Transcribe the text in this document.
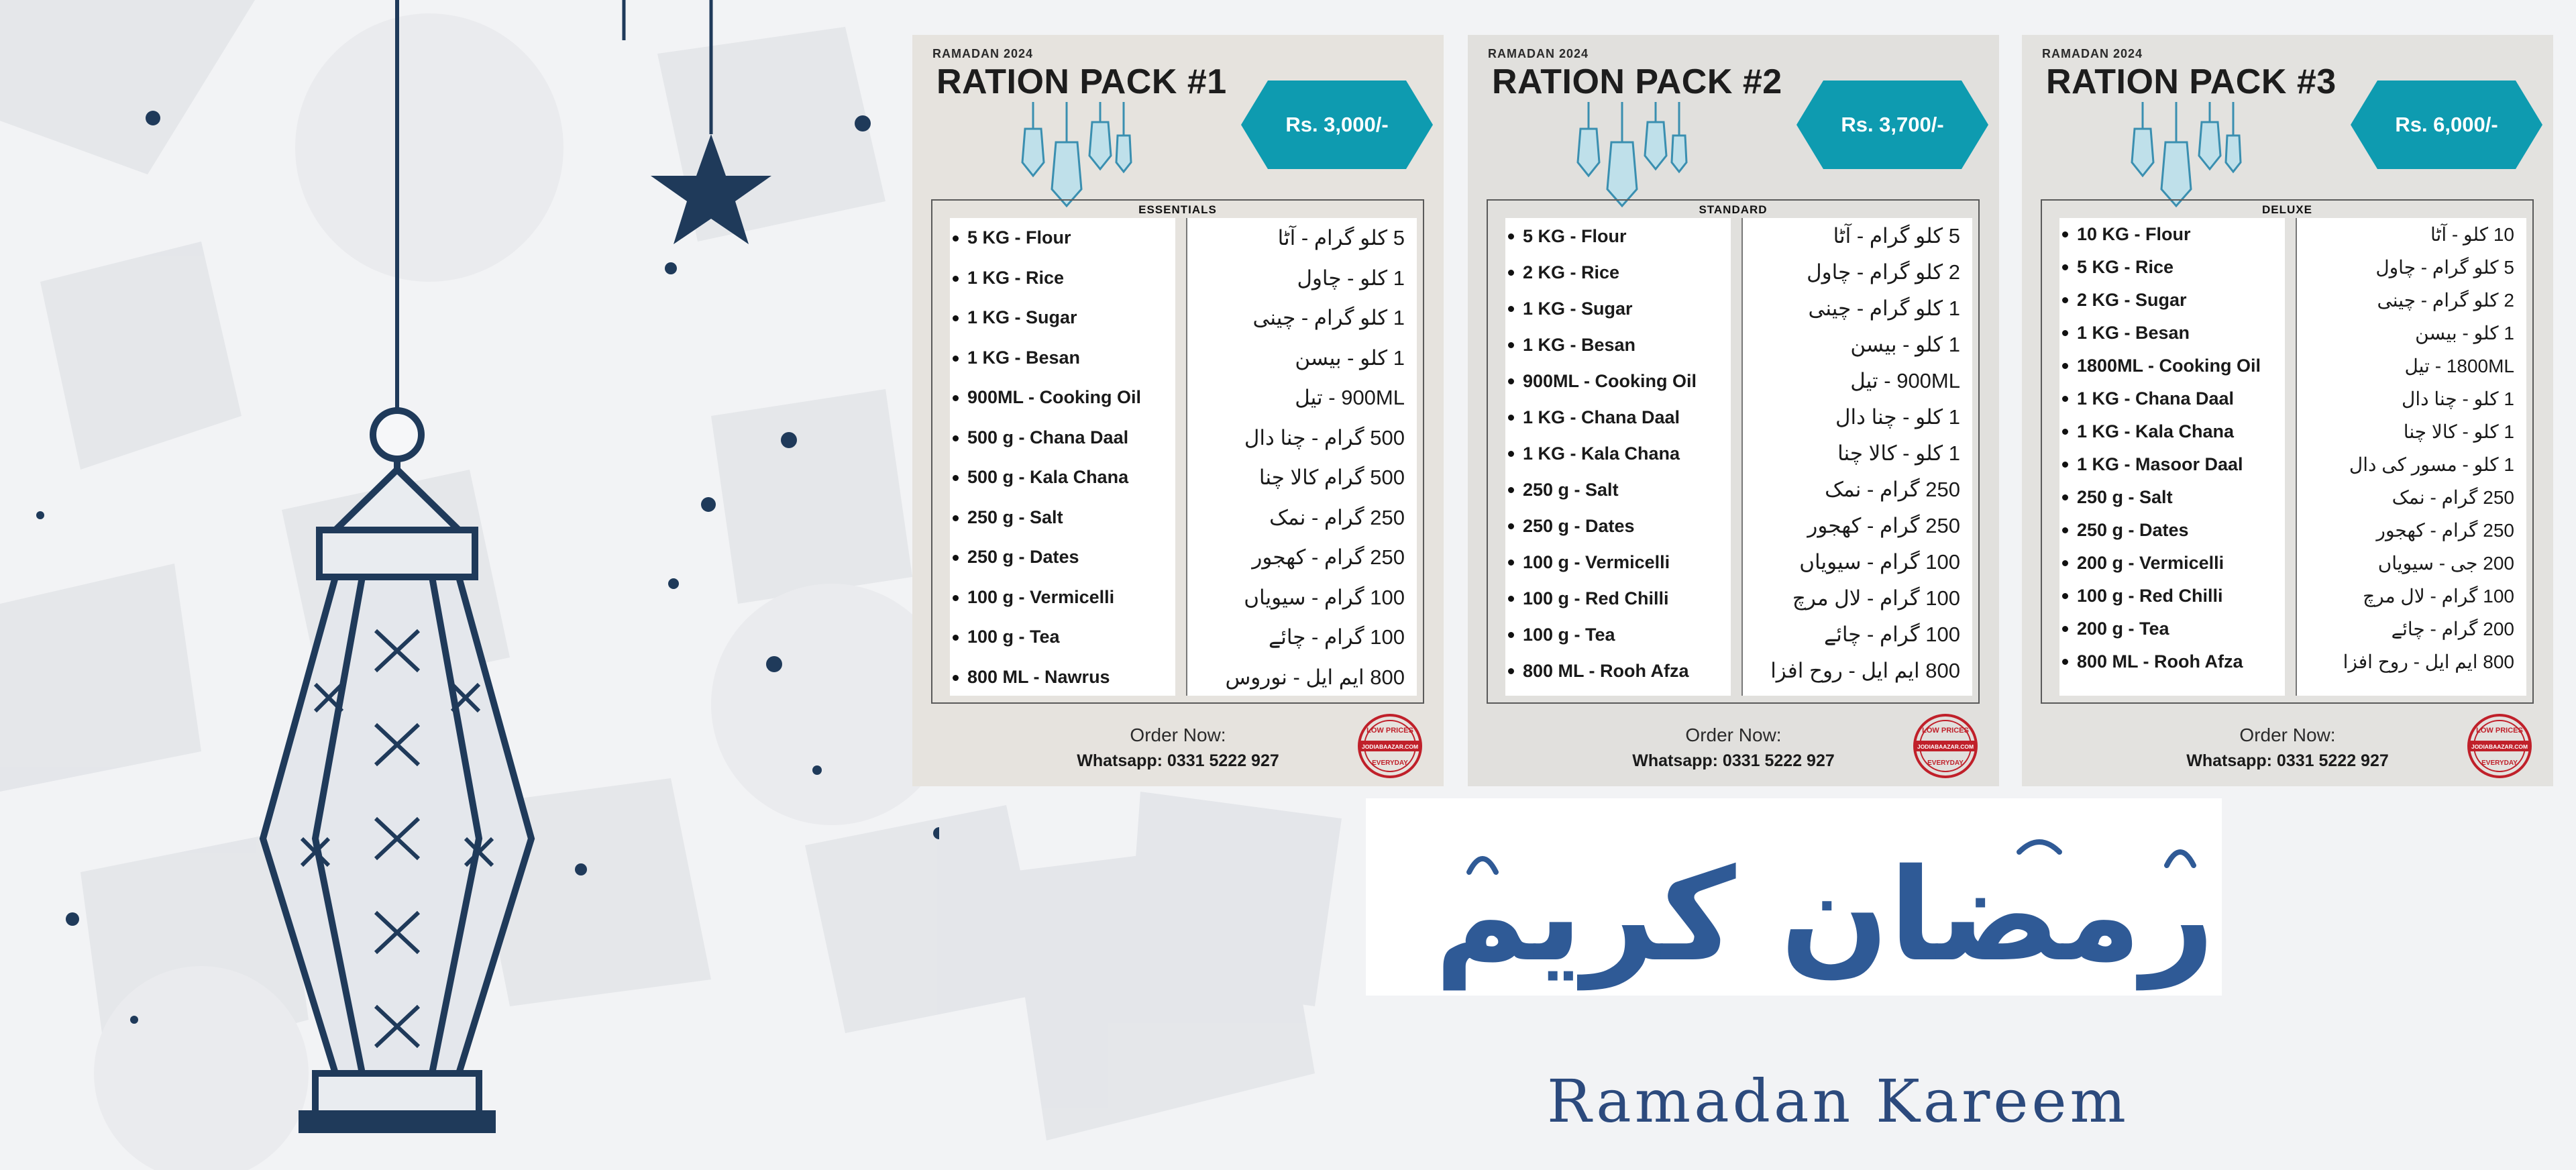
RAMADAN 2024
RATION PACK #1
Rs. 3,000/-
ESSENTIALS
5 KG - Flour
1 KG - Rice
1 KG - Sugar
1 KG - Besan
900ML - Cooking Oil
500 g - Chana Daal
500 g - Kala Chana
250 g - Salt
250 g - Dates
100 g - Vermicelli
100 g - Tea
800 ML - Nawrus
5 کلو گرام - آٹا
1 کلو - چاول
1 کلو گرام - چینی
1 کلو - بیسن
900ML - تیل
500 گرام - چنا دال
500 گرام کالا چنا
250 گرام - نمک
250 گرام - کھجور
100 گرام - سیویاں
100 گرام - چائے
800 ایم ایل - نوروس
Order Now:
Whatsapp: 0331 5222 927
LOW PRICES
JODIABAAZAR.COM
EVERYDAY
RAMADAN 2024
RATION PACK #2
Rs. 3,700/-
STANDARD
5 KG - Flour
2 KG - Rice
1 KG - Sugar
1 KG - Besan
900ML - Cooking Oil
1 KG - Chana Daal
1 KG - Kala Chana
250 g - Salt
250 g - Dates
100 g - Vermicelli
100 g - Red Chilli
100 g - Tea
800 ML - Rooh Afza
5 کلو گرام - آٹا
2 کلو گرام - چاول
1 کلو گرام - چینی
1 کلو - بیسن
900ML - تیل
1 کلو - چنا دال
1 کلو - کالا چنا
250 گرام - نمک
250 گرام - کھجور
100 گرام - سیویاں
100 گرام - لال مرچ
100 گرام - چائے
800 ایم ایل - روح افزا
Order Now:
Whatsapp: 0331 5222 927
LOW PRICES
JODIABAAZAR.COM
EVERYDAY
RAMADAN 2024
RATION PACK #3
Rs. 6,000/-
DELUXE
10 KG - Flour
5 KG - Rice
2 KG - Sugar
1 KG - Besan
1800ML - Cooking Oil
1 KG - Chana Daal
1 KG - Kala Chana
1 KG - Masoor Daal
250 g - Salt
250 g - Dates
200 g - Vermicelli
100 g - Red Chilli
200 g - Tea
800 ML - Rooh Afza
10 کلو - آٹا
5 کلو گرام - چاول
2 کلو گرام - چینی
1 کلو - بیسن
1800ML - تیل
1 کلو - چنا دال
1 کلو - کالا چنا
1 کلو - مسور کی دال
250 گرام - نمک
250 گرام - کھجور
200 جی - سیویاں
100 گرام - لال مرچ
200 گرام - چائے
800 ایم ایل - روح افزا
Order Now:
Whatsapp: 0331 5222 927
LOW PRICES
JODIABAAZAR.COM
EVERYDAY
رمضان کریم
Ramadan Kareem
